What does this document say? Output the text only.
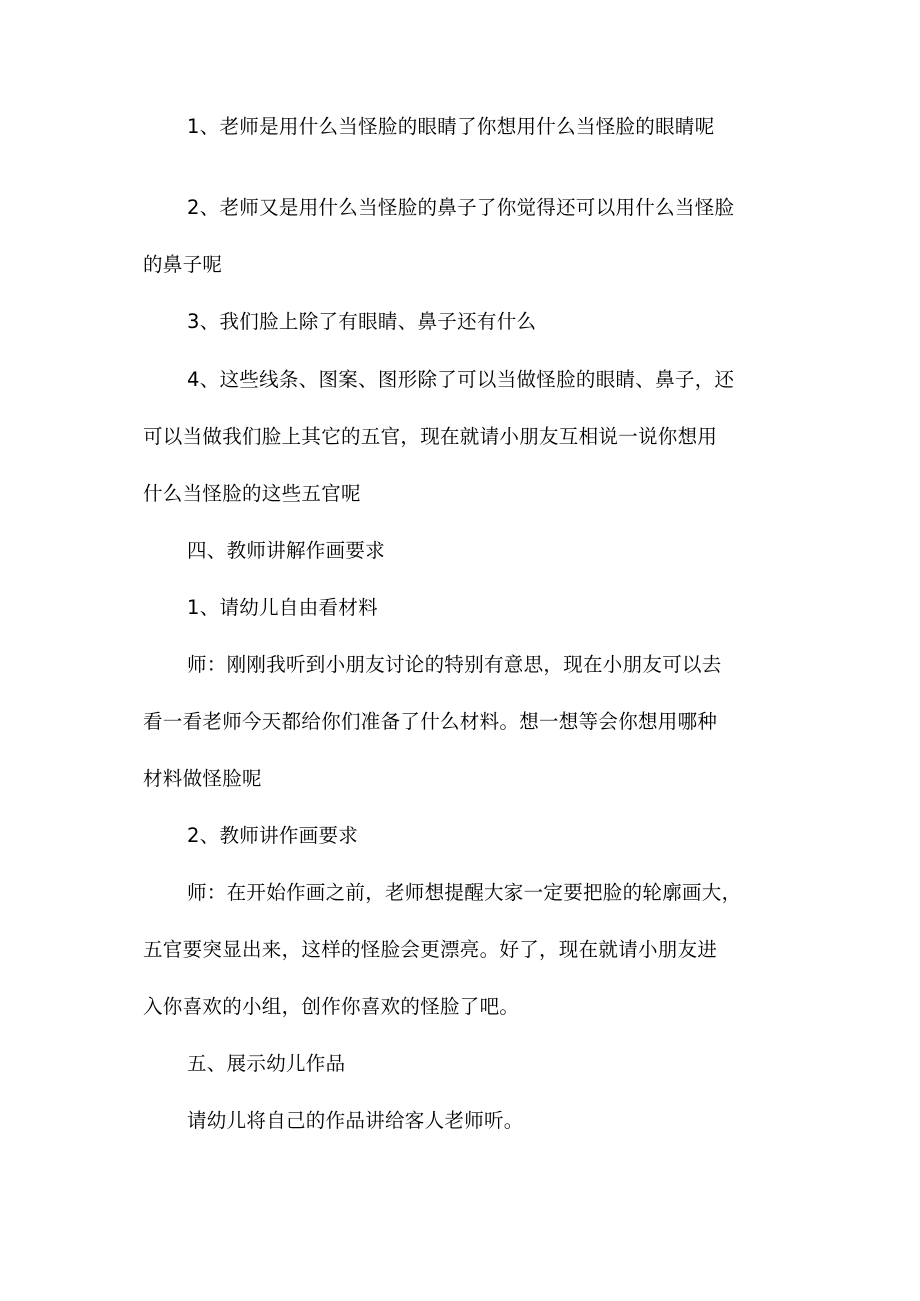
1、老师是用什么当怪脸的眼睛了你想用什么当怪脸的眼睛呢
2、老师又是用什么当怪脸的鼻子了你觉得还可以用什么当怪脸
的鼻子呢
3、我们脸上除了有眼睛、鼻子还有什么
4、这些线条、图案、图形除了可以当做怪脸的眼睛、鼻子，还
可以当做我们脸上其它的五官，现在就请小朋友互相说一说你想用
什么当怪脸的这些五官呢
四、教师讲解作画要求
1、请幼儿自由看材料
师：刚刚我听到小朋友讨论的特别有意思，现在小朋友可以去
看一看老师今天都给你们准备了什么材料。想一想等会你想用哪种
材料做怪脸呢
2、教师讲作画要求
师：在开始作画之前，老师想提醒大家一定要把脸的轮廓画大，
五官要突显出来，这样的怪脸会更漂亮。好了，现在就请小朋友进
入你喜欢的小组，创作你喜欢的怪脸了吧。
五、展示幼儿作品
请幼儿将自己的作品讲给客人老师听。
